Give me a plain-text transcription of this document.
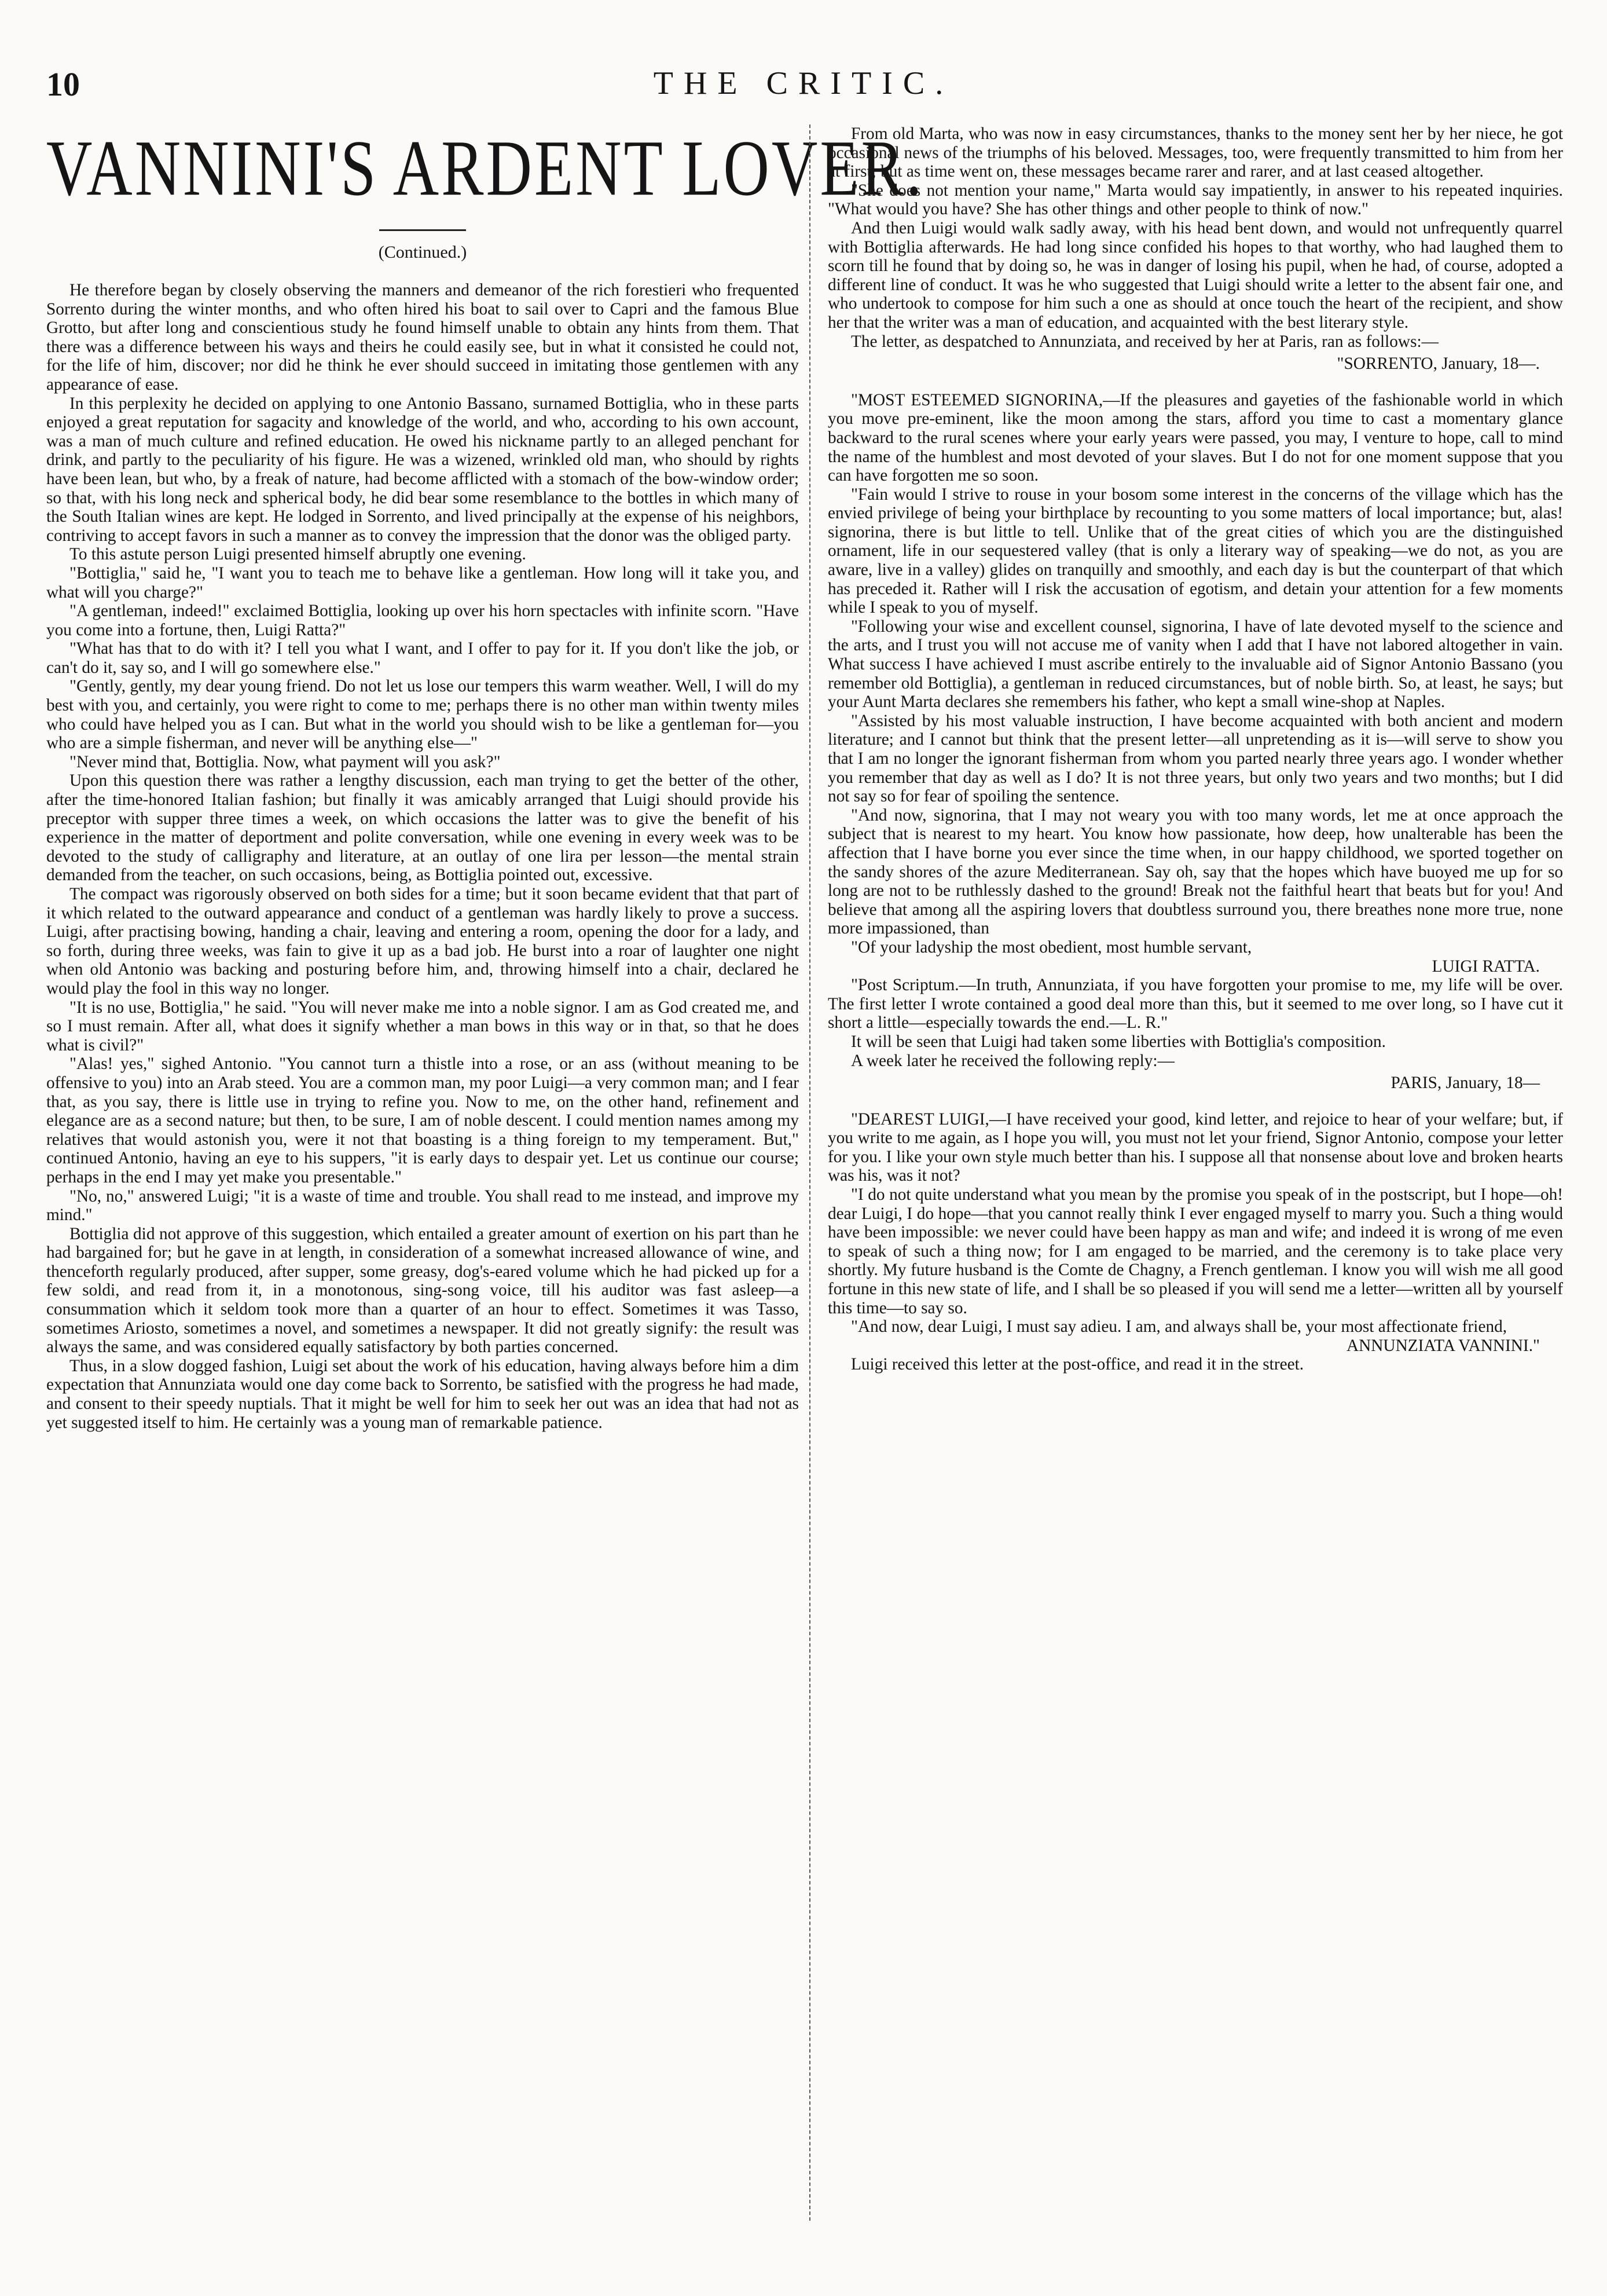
10	THE CRITIC.
VANNINI'S ARDENT LOVER.
(Continued.)

He therefore began by closely observing the manners and demeanor of the rich forestieri who frequented Sorrento during the winter months, and who often hired his boat to sail over to Capri and the famous Blue Grotto, but after long and conscientious study he found himself unable to obtain any hints from them. That there was a difference between his ways and theirs he could easily see, but in what it consisted he could not, for the life of him, discover; nor did he think he ever should succeed in imitating those gentlemen with any appearance of ease.

In this perplexity he decided on applying to one Antonio Bassano, surnamed Bottiglia, who in these parts enjoyed a great reputation for sagacity and knowledge of the world, and who, according to his own account, was a man of much culture and refined education. He owed his nickname partly to an alleged penchant for drink, and partly to the peculiarity of his figure. He was a wizened, wrinkled old man, who should by rights have been lean, but who, by a freak of nature, had become afflicted with a stomach of the bow-window order; so that, with his long neck and spherical body, he did bear some resemblance to the bottles in which many of the South Italian wines are kept. He lodged in Sorrento, and lived principally at the expense of his neighbors, contriving to accept favors in such a manner as to convey the impression that the donor was the obliged party.

To this astute person Luigi presented himself abruptly one evening.

"Bottiglia," said he, "I want you to teach me to behave like a gentleman. How long will it take you, and what will you charge?"

"A gentleman, indeed!" exclaimed Bottiglia, looking up over his horn spectacles with infinite scorn. "Have you come into a fortune, then, Luigi Ratta?"

"What has that to do with it? I tell you what I want, and I offer to pay for it. If you don't like the job, or can't do it, say so, and I will go somewhere else."

"Gently, gently, my dear young friend. Do not let us lose our tempers this warm weather. Well, I will do my best with you, and certainly, you were right to come to me; perhaps there is no other man within twenty miles who could have helped you as I can. But what in the world you should wish to be like a gentleman for—you who are a simple fisherman, and never will be anything else—"

"Never mind that, Bottiglia. Now, what payment will you ask?"

Upon this question there was rather a lengthy discussion, each man trying to get the better of the other, after the time-honored Italian fashion; but finally it was amicably arranged that Luigi should provide his preceptor with supper three times a week, on which occasions the latter was to give the benefit of his experience in the matter of deportment and polite conversation, while one evening in every week was to be devoted to the study of calligraphy and literature, at an outlay of one lira per lesson—the mental strain demanded from the teacher, on such occasions, being, as Bottiglia pointed out, excessive.

The compact was rigorously observed on both sides for a time; but it soon became evident that that part of it which related to the outward appearance and conduct of a gentleman was hardly likely to prove a success. Luigi, after practising bowing, handing a chair, leaving and entering a room, opening the door for a lady, and so forth, during three weeks, was fain to give it up as a bad job. He burst into a roar of laughter one night when old Antonio was backing and posturing before him, and, throwing himself into a chair, declared he would play the fool in this way no longer.

"It is no use, Bottiglia," he said. "You will never make me into a noble signor. I am as God created me, and so I must remain. After all, what does it signify whether a man bows in this way or in that, so that he does what is civil?"

"Alas! yes," sighed Antonio. "You cannot turn a thistle into a rose, or an ass (without meaning to be offensive to you) into an Arab steed. You are a common man, my poor Luigi—a very common man; and I fear that, as you say, there is little use in trying to refine you. Now to me, on the other hand, refinement and elegance are as a second nature; but then, to be sure, I am of noble descent. I could mention names among my relatives that would astonish you, were it not that boasting is a thing foreign to my temperament. But," continued Antonio, having an eye to his suppers, "it is early days to despair yet. Let us continue our course; perhaps in the end I may yet make you presentable."

"No, no," answered Luigi; "it is a waste of time and trouble. You shall read to me instead, and improve my mind."

Bottiglia did not approve of this suggestion, which entailed a greater amount of exertion on his part than he had bargained for; but he gave in at length, in consideration of a somewhat increased allowance of wine, and thenceforth regularly produced, after supper, some greasy, dog's-eared volume which he had picked up for a few soldi, and read from it, in a monotonous, sing-song voice, till his auditor was fast asleep—a consummation which it seldom took more than a quarter of an hour to effect. Sometimes it was Tasso, sometimes Ariosto, sometimes a novel, and sometimes a newspaper. It did not greatly signify: the result was always the same, and was considered equally satisfactory by both parties concerned.

Thus, in a slow dogged fashion, Luigi set about the work of his education, having always before him a dim expectation that Annunziata would one day come back to Sorrento, be satisfied with the progress he had made, and consent to their speedy nuptials. That it might be well for him to seek her out was an idea that had not as yet suggested itself to him. He certainly was a young man of remarkable patience.

From old Marta, who was now in easy circumstances, thanks to the money sent her by her niece, he got occasional news of the triumphs of his beloved. Messages, too, were frequently transmitted to him from her at first; but as time went on, these messages became rarer and rarer, and at last ceased altogether.

"She does not mention your name," Marta would say impatiently, in answer to his repeated inquiries. "What would you have? She has other things and other people to think of now."

And then Luigi would walk sadly away, with his head bent down, and would not unfrequently quarrel with Bottiglia afterwards. He had long since confided his hopes to that worthy, who had laughed them to scorn till he found that by doing so, he was in danger of losing his pupil, when he had, of course, adopted a different line of conduct. It was he who suggested that Luigi should write a letter to the absent fair one, and who undertook to compose for him such a one as should at once touch the heart of the recipient, and show her that the writer was a man of education, and acquainted with the best literary style.

The letter, as despatched to Annunziata, and received by her at Paris, ran as follows:—

"SORRENTO, January, 18—.

"MOST ESTEEMED SIGNORINA,—If the pleasures and gayeties of the fashionable world in which you move pre-eminent, like the moon among the stars, afford you time to cast a momentary glance backward to the rural scenes where your early years were passed, you may, I venture to hope, call to mind the name of the humblest and most devoted of your slaves. But I do not for one moment suppose that you can have forgotten me so soon.

"Fain would I strive to rouse in your bosom some interest in the concerns of the village which has the envied privilege of being your birthplace by recounting to you some matters of local importance; but, alas! signorina, there is but little to tell. Unlike that of the great cities of which you are the distinguished ornament, life in our sequestered valley (that is only a literary way of speaking—we do not, as you are aware, live in a valley) glides on tranquilly and smoothly, and each day is but the counterpart of that which has preceded it. Rather will I risk the accusation of egotism, and detain your attention for a few moments while I speak to you of myself.

"Following your wise and excellent counsel, signorina, I have of late devoted myself to the science and the arts, and I trust you will not accuse me of vanity when I add that I have not labored altogether in vain. What success I have achieved I must ascribe entirely to the invaluable aid of Signor Antonio Bassano (you remember old Bottiglia), a gentleman in reduced circumstances, but of noble birth. So, at least, he says; but your Aunt Marta declares she remembers his father, who kept a small wine-shop at Naples.

"Assisted by his most valuable instruction, I have become acquainted with both ancient and modern literature; and I cannot but think that the present letter—all unpretending as it is—will serve to show you that I am no longer the ignorant fisherman from whom you parted nearly three years ago. I wonder whether you remember that day as well as I do? It is not three years, but only two years and two months; but I did not say so for fear of spoiling the sentence.

"And now, signorina, that I may not weary you with too many words, let me at once approach the subject that is nearest to my heart. You know how passionate, how deep, how unalterable has been the affection that I have borne you ever since the time when, in our happy childhood, we sported together on the sandy shores of the azure Mediterranean. Say oh, say that the hopes which have buoyed me up for so long are not to be ruthlessly dashed to the ground! Break not the faithful heart that beats but for you! And believe that among all the aspiring lovers that doubtless surround you, there breathes none more true, none more impassioned, than

"Of your ladyship the most obedient, most humble servant,

LUIGI RATTA.

"Post Scriptum.—In truth, Annunziata, if you have forgotten your promise to me, my life will be over. The first letter I wrote contained a good deal more than this, but it seemed to me over long, so I have cut it short a little—especially towards the end.—L. R."

It will be seen that Luigi had taken some liberties with Bottiglia's composition.

A week later he received the following reply:—

PARIS, January, 18—

"DEAREST LUIGI,—I have received your good, kind letter, and rejoice to hear of your welfare; but, if you write to me again, as I hope you will, you must not let your friend, Signor Antonio, compose your letter for you. I like your own style much better than his. I suppose all that nonsense about love and broken hearts was his, was it not?

"I do not quite understand what you mean by the promise you speak of in the postscript, but I hope—oh! dear Luigi, I do hope—that you cannot really think I ever engaged myself to marry you. Such a thing would have been impossible: we never could have been happy as man and wife; and indeed it is wrong of me even to speak of such a thing now; for I am engaged to be married, and the ceremony is to take place very shortly. My future husband is the Comte de Chagny, a French gentleman. I know you will wish me all good fortune in this new state of life, and I shall be so pleased if you will send me a letter—written all by yourself this time—to say so.

"And now, dear Luigi, I must say adieu. I am, and always shall be, your most affectionate friend,

ANNUNZIATA VANNINI."

Luigi received this letter at the post-office, and read it in the street.
